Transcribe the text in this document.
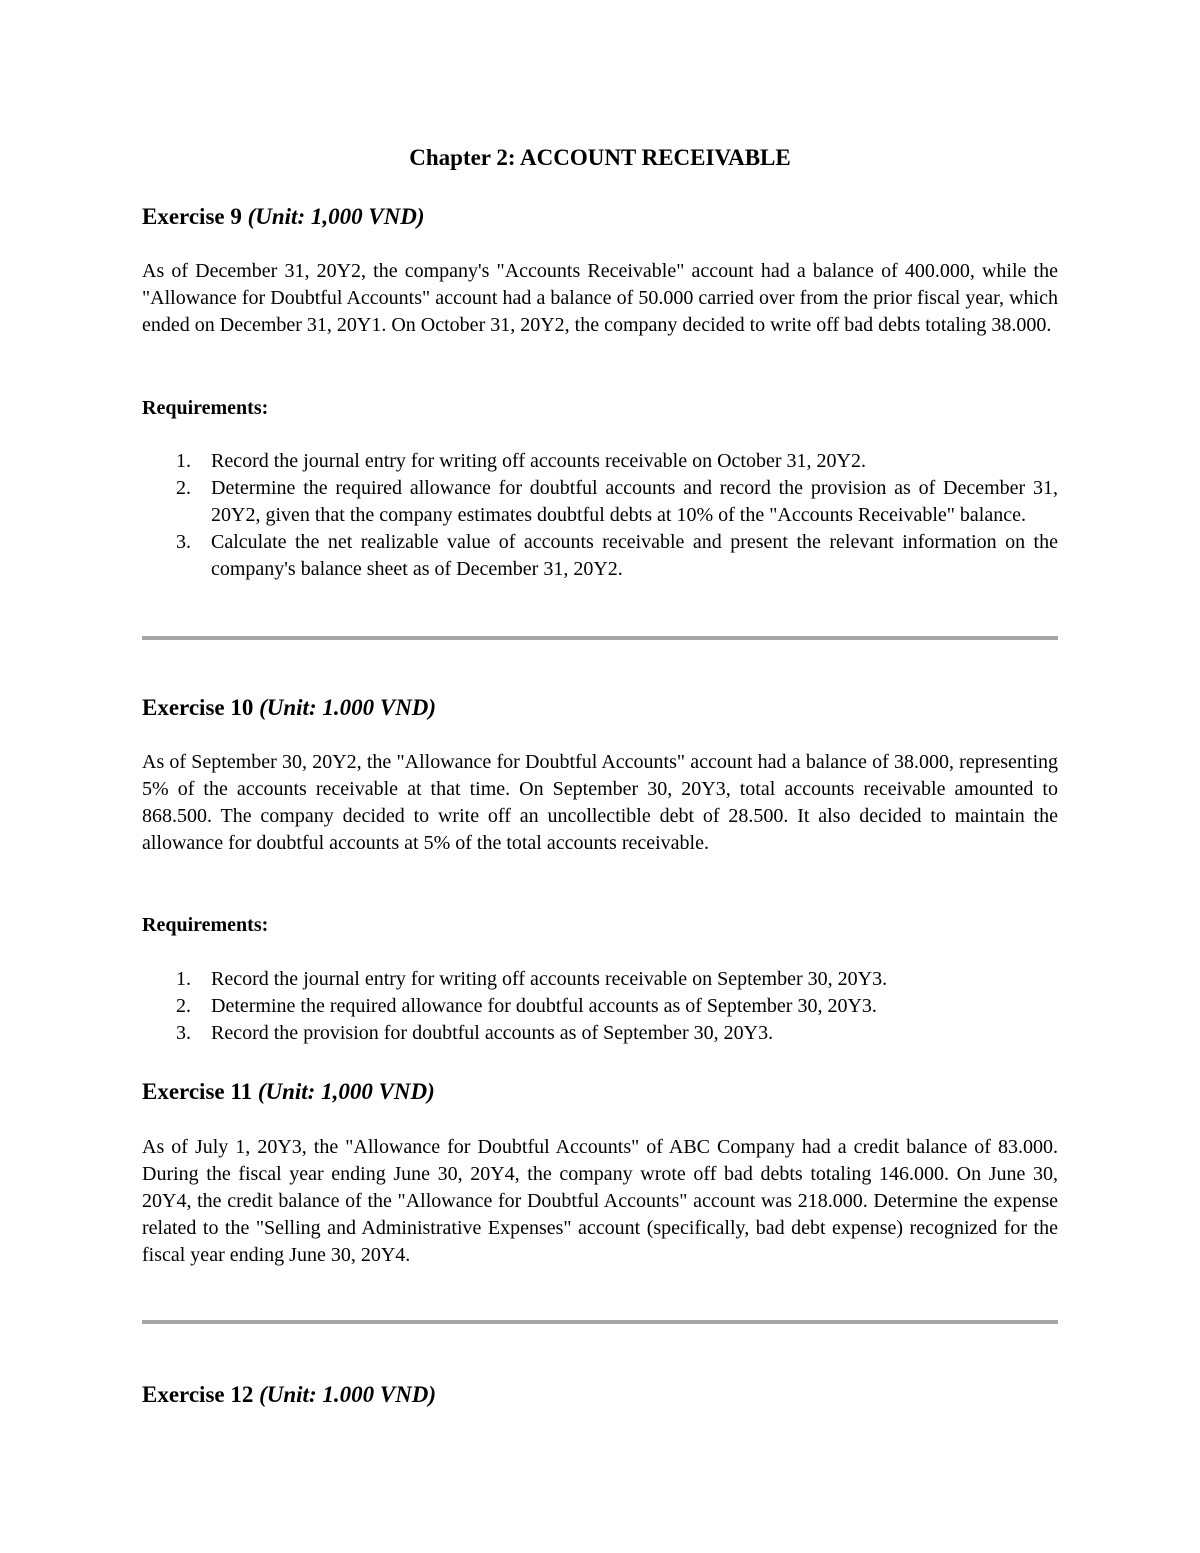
Chapter 2: ACCOUNT RECEIVABLE
Exercise 9 (Unit: 1,000 VND)

As of December 31, 20Y2, the company's "Accounts Receivable" account had a balance of 400.000, while the "Allowance for Doubtful Accounts" account had a balance of 50.000 carried over from the prior fiscal year, which ended on December 31, 20Y1. On October 31, 20Y2, the company decided to write off bad debts totaling 38.000.

Requirements:

1. Record the journal entry for writing off accounts receivable on October 31, 20Y2.
2. Determine the required allowance for doubtful accounts and record the provision as of December 31, 20Y2, given that the company estimates doubtful debts at 10% of the "Accounts Receivable" balance.
3. Calculate the net realizable value of accounts receivable and present the relevant information on the company's balance sheet as of December 31, 20Y2.
Exercise 10 (Unit: 1.000 VND)

As of September 30, 20Y2, the "Allowance for Doubtful Accounts" account had a balance of 38.000, representing 5% of the accounts receivable at that time. On September 30, 20Y3, total accounts receivable amounted to 868.500. The company decided to write off an uncollectible debt of 28.500. It also decided to maintain the allowance for doubtful accounts at 5% of the total accounts receivable.

Requirements:

1. Record the journal entry for writing off accounts receivable on September 30, 20Y3.
2. Determine the required allowance for doubtful accounts as of September 30, 20Y3.
3. Record the provision for doubtful accounts as of September 30, 20Y3.
Exercise 11 (Unit: 1,000 VND)

As of July 1, 20Y3, the "Allowance for Doubtful Accounts" of ABC Company had a credit balance of 83.000. During the fiscal year ending June 30, 20Y4, the company wrote off bad debts totaling 146.000. On June 30, 20Y4, the credit balance of the "Allowance for Doubtful Accounts" account was 218.000. Determine the expense related to the "Selling and Administrative Expenses" account (specifically, bad debt expense) recognized for the fiscal year ending June 30, 20Y4.

Exercise 12 (Unit: 1.000 VND)
